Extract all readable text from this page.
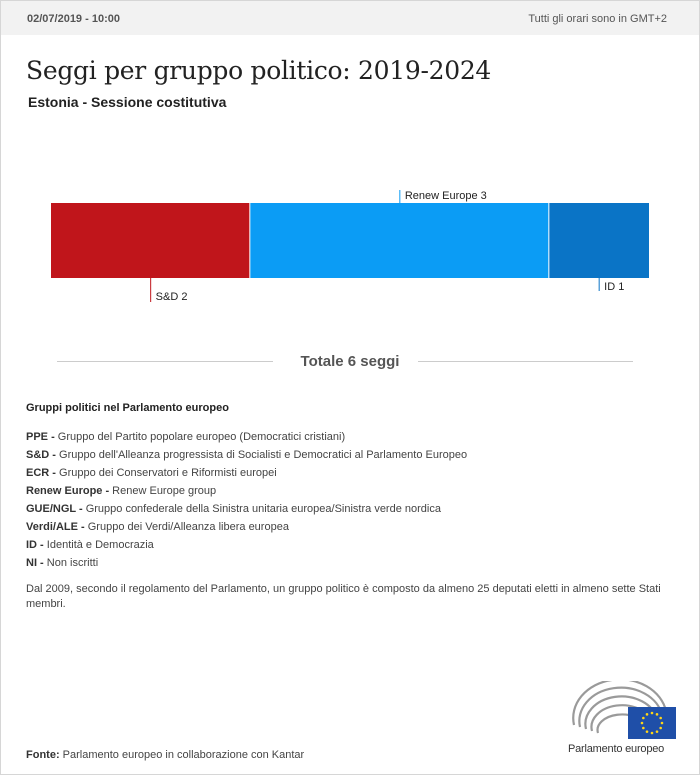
02/07/2019 - 10:00	Tutti gli orari sono in GMT+2
Seggi per gruppo politico: 2019-2024
Estonia - Sessione costitutiva
S&D 2
Renew Europe 3
ID 1
Totale 6 seggi
Gruppi politici nel Parlamento europeo
PPE - Gruppo del Partito popolare europeo (Democratici cristiani)
S&D - Gruppo dell'Alleanza progressista di Socialisti e Democratici al Parlamento Europeo
ECR - Gruppo dei Conservatori e Riformisti europei
Renew Europe - Renew Europe group
GUE/NGL - Gruppo confederale della Sinistra unitaria europea/Sinistra verde nordica
Verdi/ALE - Gruppo dei Verdi/Alleanza libera europea
ID - Identità e Democrazia
NI - Non iscritti
Dal 2009, secondo il regolamento del Parlamento, un gruppo politico è composto da almeno 25 deputati eletti in almeno sette Stati membri.
Fonte: Parlamento europeo in collaborazione con Kantar	Parlamento europeo
